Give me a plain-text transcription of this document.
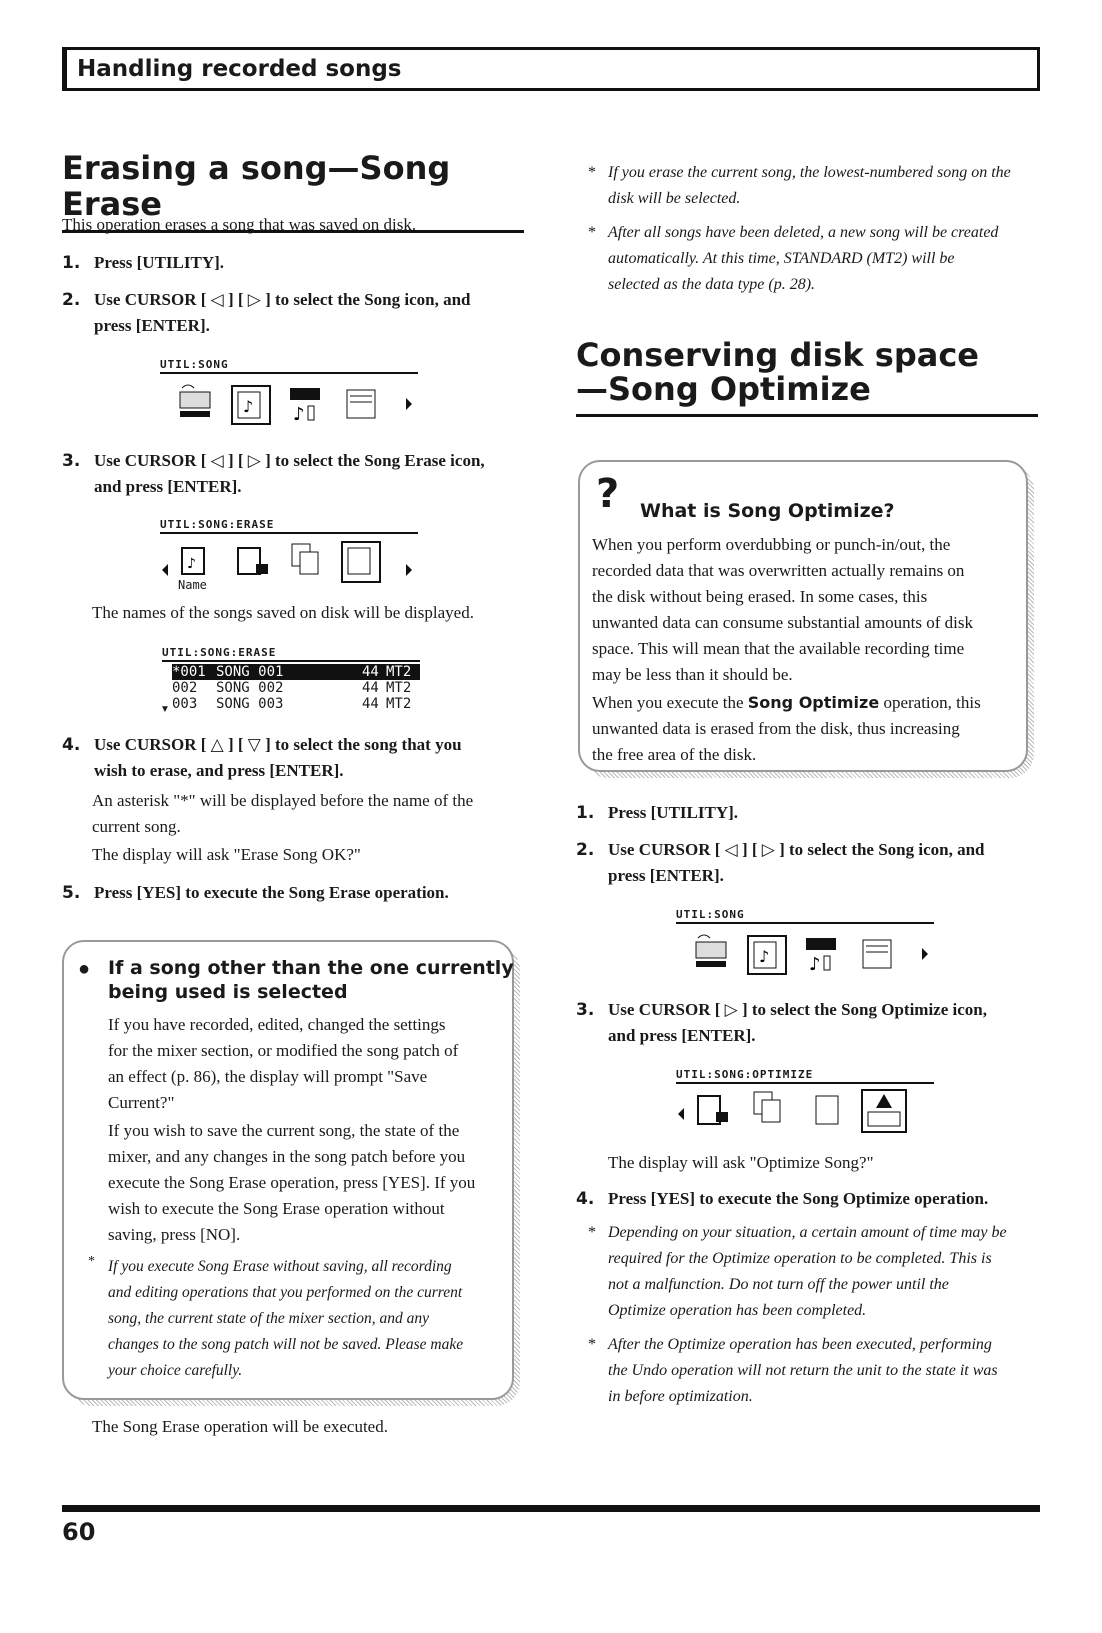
Handling recorded songs
Erasing a song—Song Erase

This operation erases a song that was saved on disk.

1. Press [UTILITY].
2. Use CURSOR [ ◁ ] [ ▷ ] to select the Song icon, and
press [ENTER].
UTIL:SONG
♪ ♪
3. Use CURSOR [ ◁ ] [ ▷ ] to select the Song Erase icon,
and press [ENTER].
UTIL:SONG:ERASE
♪
Name

The names of the songs saved on disk will be displayed.

UTIL:SONG:ERASE
*001 SONG 001	44 MT2
002 SONG 002	44 MT2
003 SONG 003	44 MT2
▼
4. Use CURSOR [ △ ] [ ▽ ] to select the song that you
wish to erase, and press [ENTER].

An asterisk "*" will be displayed before the name of the
current song.

The display will ask "Erase Song OK?"

5. Press [YES] to execute the Song Erase operation.
● If a song other than the one currently
being used is selected
If you have recorded, edited, changed the settings
for the mixer section, or modified the song patch of
an effect (p. 86), the display will prompt "Save
Current?"
If you wish to save the current song, the state of the
mixer, and any changes in the song patch before you
execute the Song Erase operation, press [YES]. If you
wish to execute the Song Erase operation without
saving, press [NO].
* If you execute Song Erase without saving, all recording
and editing operations that you performed on the current
song, the current state of the mixer section, and any
changes to the song patch will not be saved. Please make
your choice carefully.

The Song Erase operation will be executed.

* If you erase the current song, the lowest-numbered song on the
disk will be selected.
* After all songs have been deleted, a new song will be created
automatically. At this time, STANDARD (MT2) will be
selected as the data type (p. 28).
Conserving disk space
—Song Optimize
? What is Song Optimize?
When you perform overdubbing or punch-in/out, the
recorded data that was overwritten actually remains on
the disk without being erased. In some cases, this
unwanted data can consume substantial amounts of disk
space. This will mean that the available recording time
may be less than it should be.
When you execute the Song Optimize operation, this
unwanted data is erased from the disk, thus increasing
the free area of the disk.
1. Press [UTILITY].
2. Use CURSOR [ ◁ ] [ ▷ ] to select the Song icon, and
press [ENTER].
UTIL:SONG
♪ ♪
3. Use CURSOR [ ▷ ] to select the Song Optimize icon,
and press [ENTER].
UTIL:SONG:OPTIMIZE

The display will ask "Optimize Song?"

4. Press [YES] to execute the Song Optimize operation.
* Depending on your situation, a certain amount of time may be
required for the Optimize operation to be completed. This is
not a malfunction. Do not turn off the power until the
Optimize operation has been completed.
* After the Optimize operation has been executed, performing
the Undo operation will not return the unit to the state it was
in before optimization.
60
